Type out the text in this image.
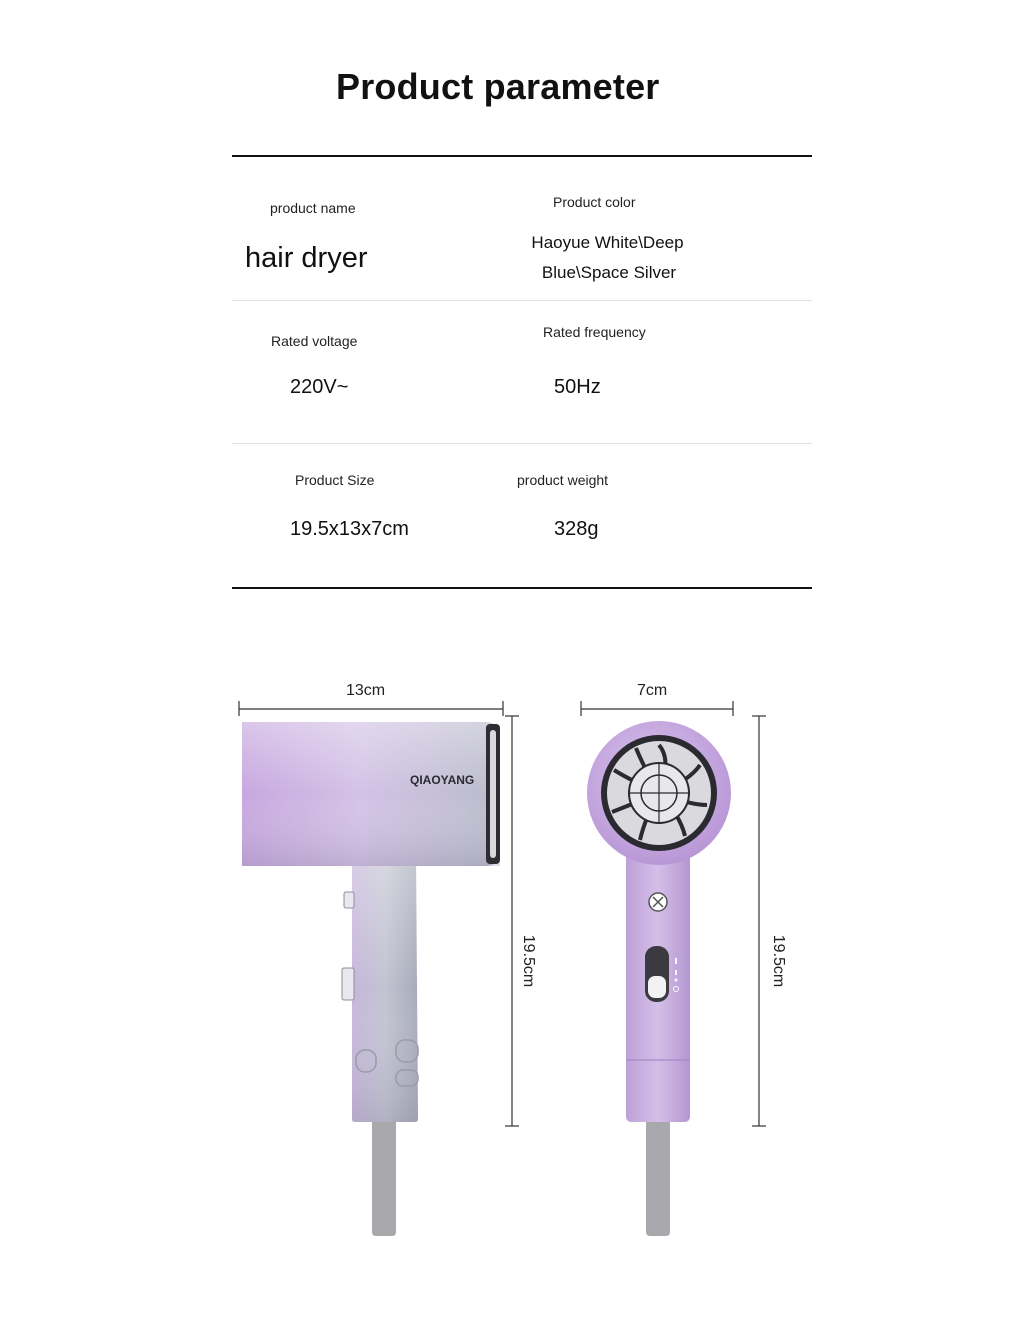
Product parameter
product name
hair dryer
Product color
Haoyue White\Deep
Blue\Space Silver
Rated voltage
220V~
Rated frequency
50Hz
Product Size
19.5x13x7cm
product weight
328g
QIAOYANG
13cm	7cm
19.5cm	19.5cm
